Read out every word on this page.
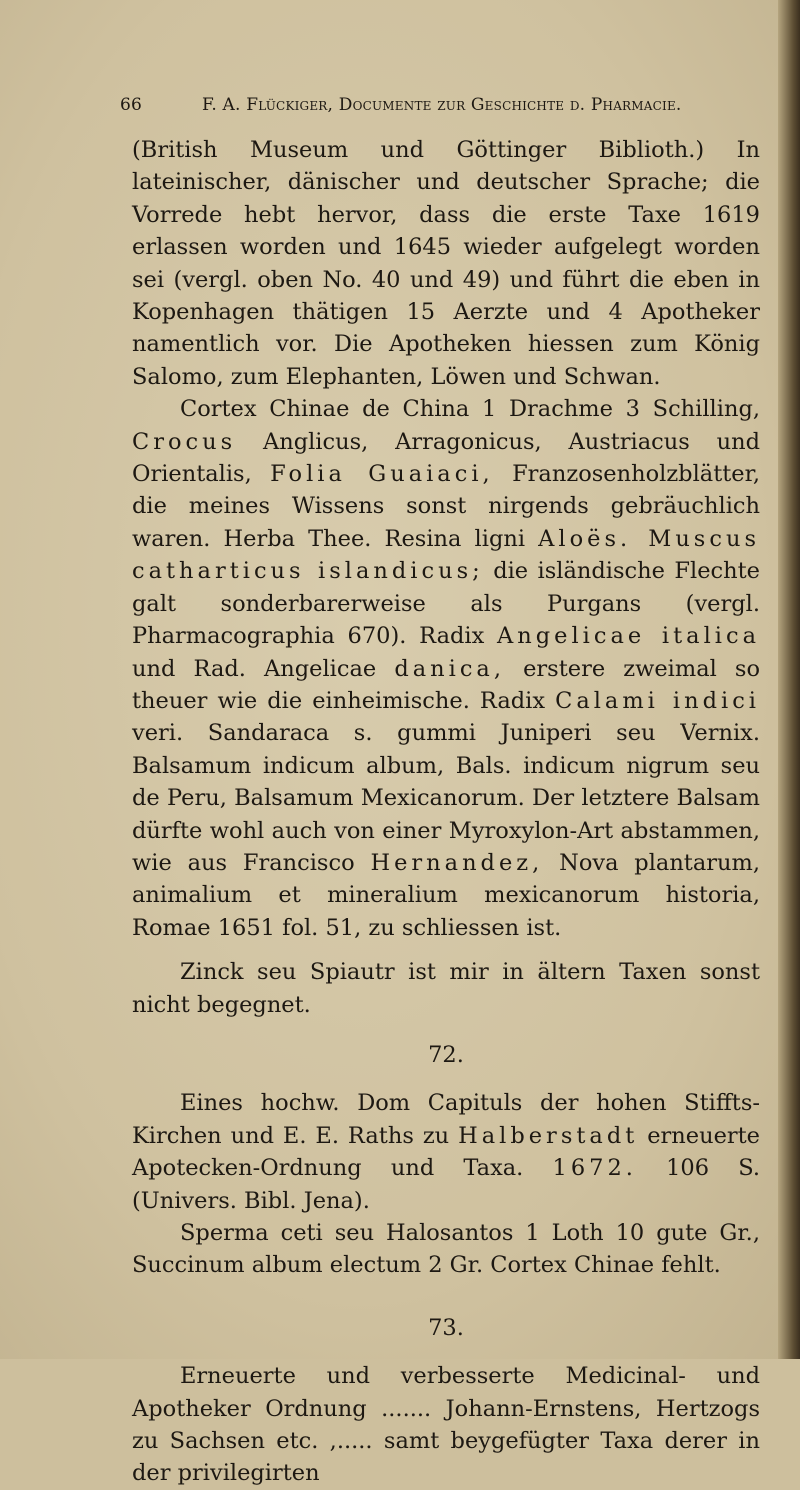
66	F. A. Flückiger, Documente zur Geschichte d. Pharmacie.

(British Museum und Göttinger Biblioth.) In lateinischer, dänischer und deutscher Sprache; die Vorrede hebt hervor, dass die erste Taxe 1619 erlassen worden und 1645 wieder aufgelegt worden sei (vergl. oben No. 40 und 49) und führt die eben in Kopenhagen thätigen 15 Aerzte und 4 Apotheker namentlich vor. Die Apotheken hiessen zum König Salomo, zum Elephanten, Löwen und Schwan.

Cortex Chinae de China 1 Drachme 3 Schilling, Crocus Anglicus, Arragonicus, Austriacus und Orientalis, Folia Guaiaci, Franzosenholzblätter, die meines Wissens sonst nirgends gebräuchlich waren. Herba Thee. Resina ligni Aloës. Muscus catharticus islandicus; die isländische Flechte galt sonderbarerweise als Purgans (vergl. Pharmacographia 670). Radix Angelicae italica und Rad. Angelicae danica, erstere zweimal so theuer wie die einheimische. Radix Calami indici veri. Sandaraca s. gummi Juniperi seu Vernix. Balsamum indicum album, Bals. indicum nigrum seu de Peru, Balsamum Mexicanorum. Der letztere Balsam dürfte wohl auch von einer Myroxylon-Art abstammen, wie aus Francisco Hernandez, Nova plantarum, animalium et mineralium mexicanorum historia, Romae 1651 fol. 51, zu schliessen ist.

Zinck seu Spiautr ist mir in ältern Taxen sonst nicht begegnet.

72.

Eines hochw. Dom Capituls der hohen Stiffts-Kirchen und E. E. Raths zu Halberstadt erneuerte Apotecken-Ordnung und Taxa. 1672. 106 S. (Univers. Bibl. Jena).

Sperma ceti seu Halosantos 1 Loth 10 gute Gr., Succinum album electum 2 Gr. Cortex Chinae fehlt.

73.

Erneuerte und verbesserte Medicinal- und Apotheker Ordnung ....... Johann-Ernstens, Hertzogs zu Sachsen etc. ,..... samt beygefügter Taxa derer in der privilegirten
